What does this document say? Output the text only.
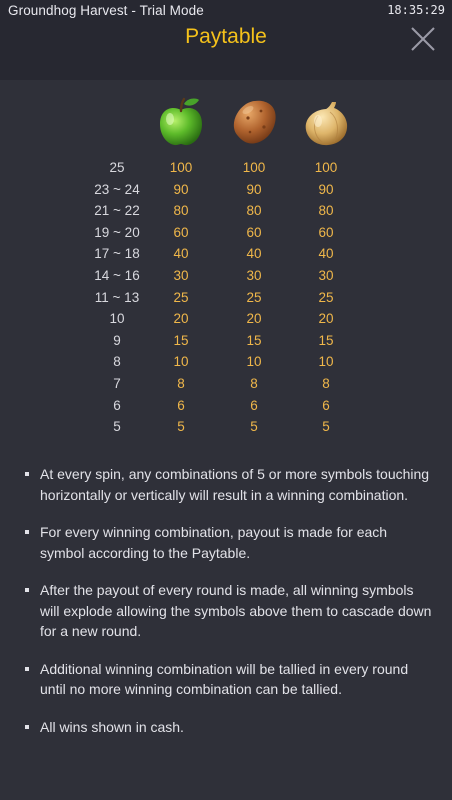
Groundhog Harvest - Trial Mode	18:35:29
Paytable
25	100	100	100
23 ~ 24	90	90	90
21 ~ 22	80	80	80
19 ~ 20	60	60	60
17 ~ 18	40	40	40
14 ~ 16	30	30	30
11 ~ 13	25	25	25
10	20	20	20
9	15	15	15
8	10	10	10
7	8	8	8
6	6	6	6
5	5	5	5
At every spin, any combinations of 5 or more symbols touching horizontally or vertically will result in a winning combination.
For every winning combination, payout is made for each symbol according to the Paytable.
After the payout of every round is made, all winning symbols will explode allowing the symbols above them to cascade down for a new round.
Additional winning combination will be tallied in every round until no more winning combination can be tallied.
All wins shown in cash.
